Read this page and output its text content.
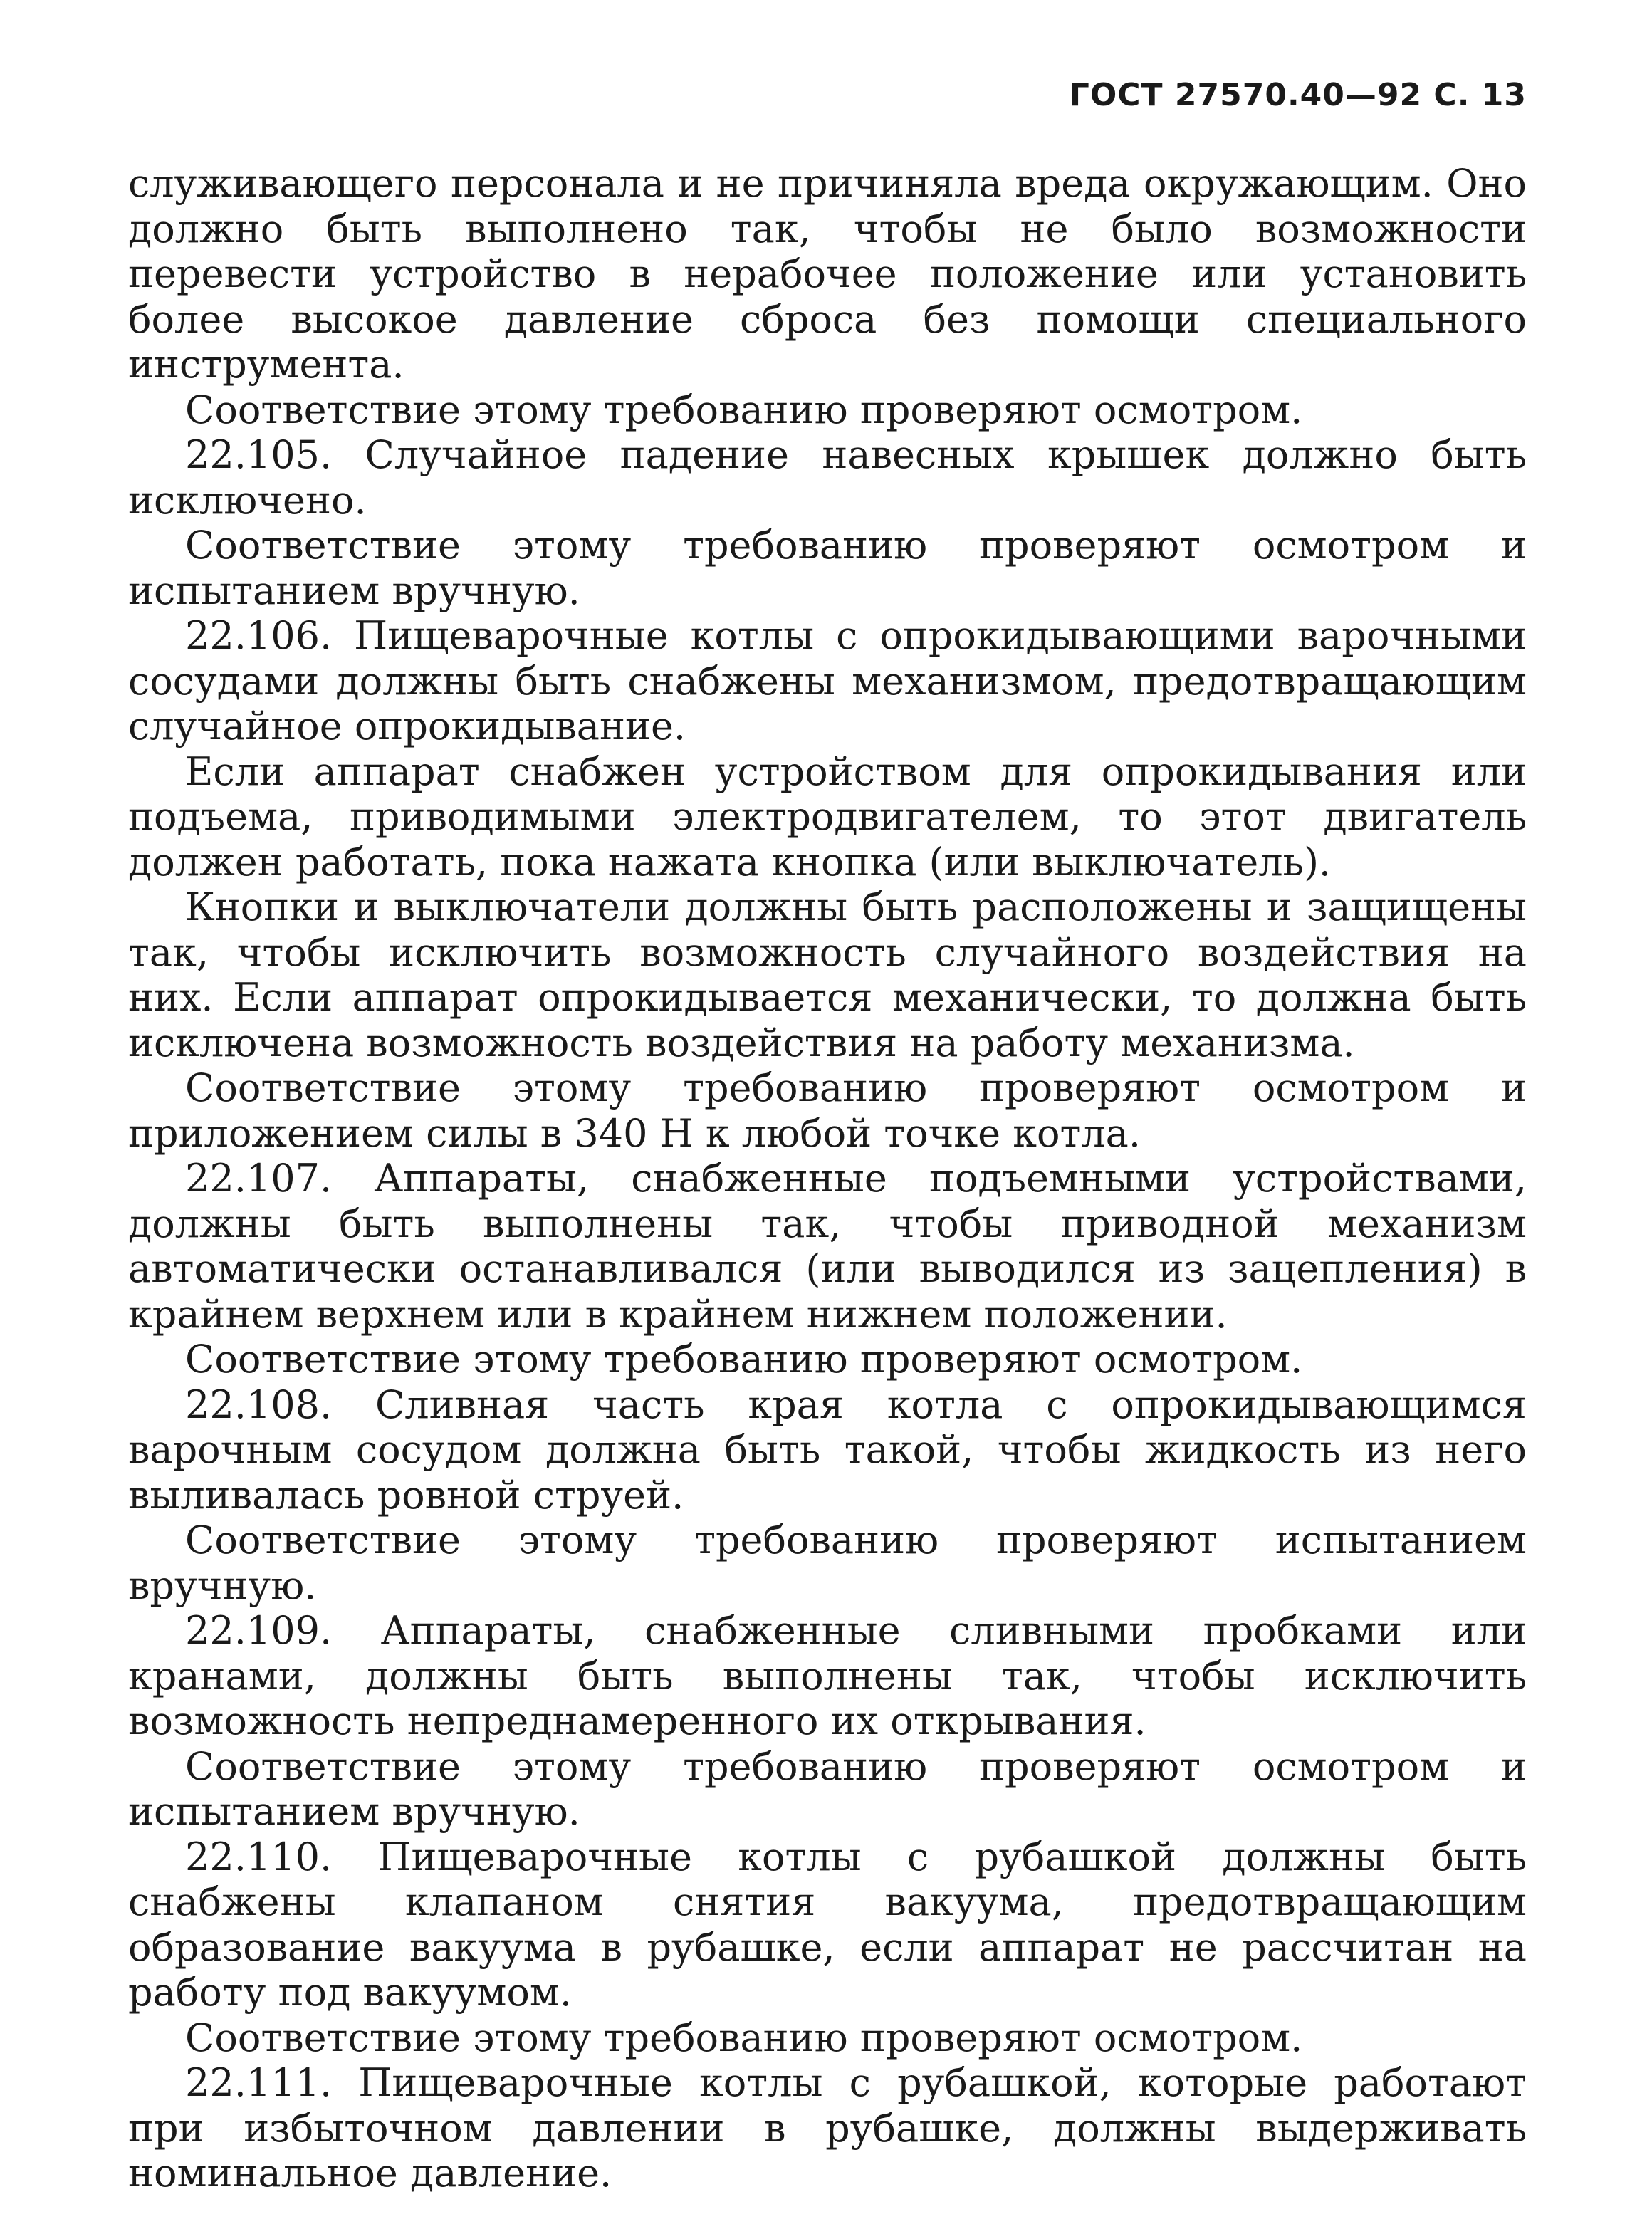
ГОСТ 27570.40—92 С. 13

служивающего персонала и не причиняла вреда окружающим. Оно должно быть выполнено так, чтобы не было возможности перевести устройство в нерабочее положение или установить более высокое давление сброса без помощи специального инструмента.

Соответствие этому требованию проверяют осмотром.

22.105. Случайное падение навесных крышек должно быть исключено.

Соответствие этому требованию проверяют осмотром и испытанием вручную.

22.106. Пищеварочные котлы с опрокидывающими варочными сосудами должны быть снабжены механизмом, предотвращающим случайное опрокидывание.

Если аппарат снабжен устройством для опрокидывания или подъема, приводимыми электродвигателем, то этот двигатель должен работать, пока нажата кнопка (или выключатель).

Кнопки и выключатели должны быть расположены и защищены так, чтобы исключить возможность случайного воздействия на них. Если аппарат опрокидывается механически, то должна быть исключена возможность воздействия на работу механизма.

Соответствие этому требованию проверяют осмотром и приложением силы в 340 Н к любой точке котла.

22.107. Аппараты, снабженные подъемными устройствами, должны быть выполнены так, чтобы приводной механизм автоматически останавливался (или выводился из зацепления) в крайнем верхнем или в крайнем нижнем положении.

Соответствие этому требованию проверяют осмотром.

22.108. Сливная часть края котла с опрокидывающимся варочным сосудом должна быть такой, чтобы жидкость из него выливалась ровной струей.

Соответствие этому требованию проверяют испытанием вручную.

22.109. Аппараты, снабженные сливными пробками или кранами, должны быть выполнены так, чтобы исключить возможность непреднамеренного их открывания.

Соответствие этому требованию проверяют осмотром и испытанием вручную.

22.110. Пищеварочные котлы с рубашкой должны быть снабжены клапаном снятия вакуума, предотвращающим образование вакуума в рубашке, если аппарат не рассчитан на работу под вакуумом.

Соответствие этому требованию проверяют осмотром.

22.111. Пищеварочные котлы с рубашкой, которые работают при избыточном давлении в рубашке, должны выдерживать номинальное давление.
